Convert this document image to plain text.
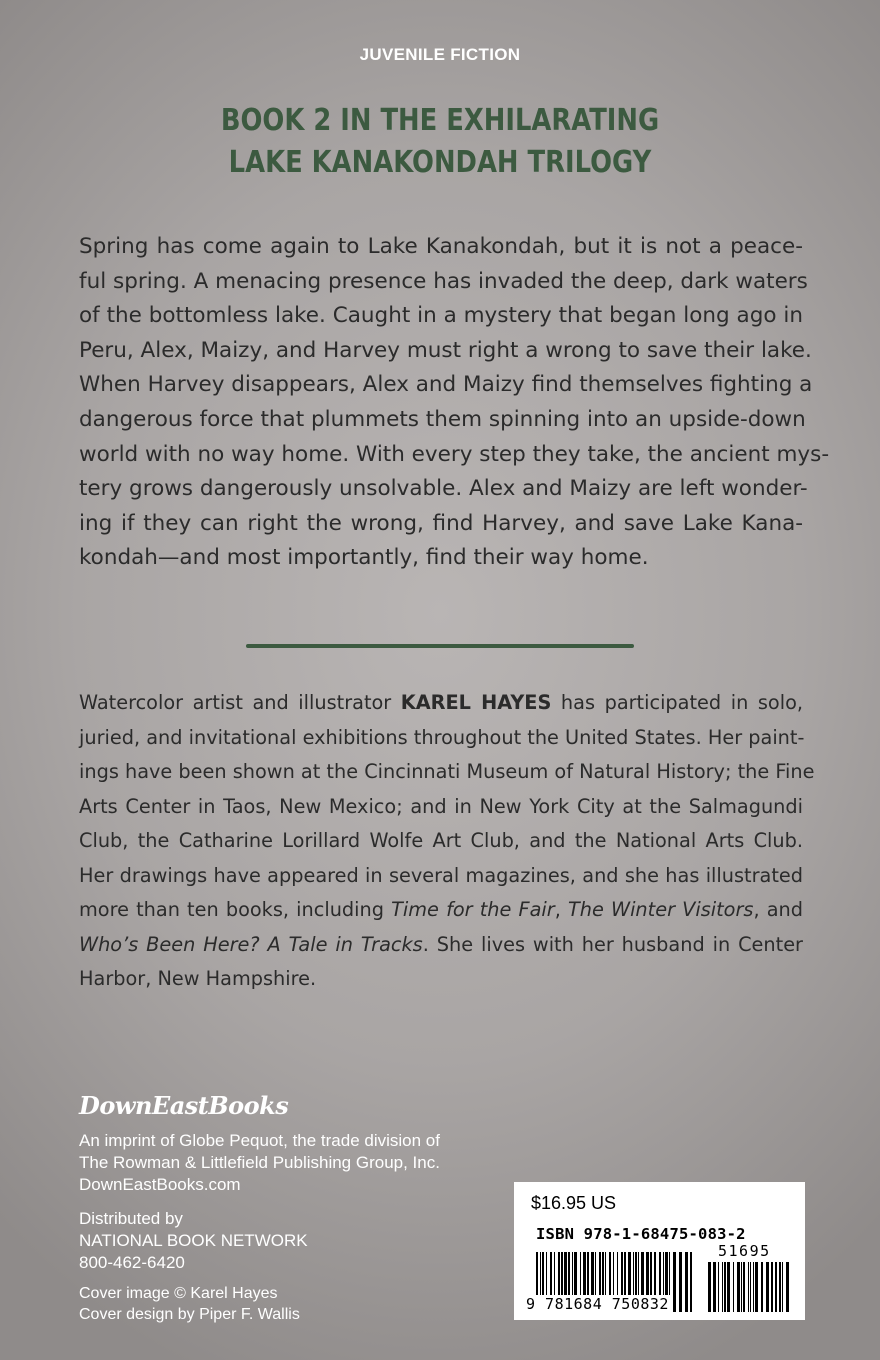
JUVENILE FICTION
BOOK 2 IN THE EXHILARATING
LAKE KANAKONDAH TRILOGY
Spring has come again to Lake Kanakondah, but it is not a peace-
ful spring. A menacing presence has invaded the deep, dark waters
of the bottomless lake. Caught in a mystery that began long ago in
Peru, Alex, Maizy, and Harvey must right a wrong to save their lake.
When Harvey disappears, Alex and Maizy find themselves fighting a
dangerous force that plummets them spinning into an upside-down
world with no way home. With every step they take, the ancient mys-
tery grows dangerously unsolvable. Alex and Maizy are left wonder-
ing if they can right the wrong, find Harvey, and save Lake Kana-
kondah—and most importantly, find their way home.
Watercolor artist and illustrator KAREL HAYES has participated in solo,
juried, and invitational exhibitions throughout the United States. Her paint-
ings have been shown at the Cincinnati Museum of Natural History; the Fine
Arts Center in Taos, New Mexico; and in New York City at the Salmagundi
Club, the Catharine Lorillard Wolfe Art Club, and the National Arts Club.
Her drawings have appeared in several magazines, and she has illustrated
more than ten books, including Time for the Fair, The Winter Visitors, and
Who’s Been Here? A Tale in Tracks. She lives with her husband in Center
Harbor, New Hampshire.
DownEastBooks
An imprint of Globe Pequot, the trade division of
The Rowman & Littlefield Publishing Group, Inc.
DownEastBooks.com
Distributed by
NATIONAL BOOK NETWORK
800-462-6420
Cover image © Karel Hayes
Cover design by Piper F. Wallis
$16.95 US
ISBN 978-1-68475-083-2
51695
9 781684 750832
